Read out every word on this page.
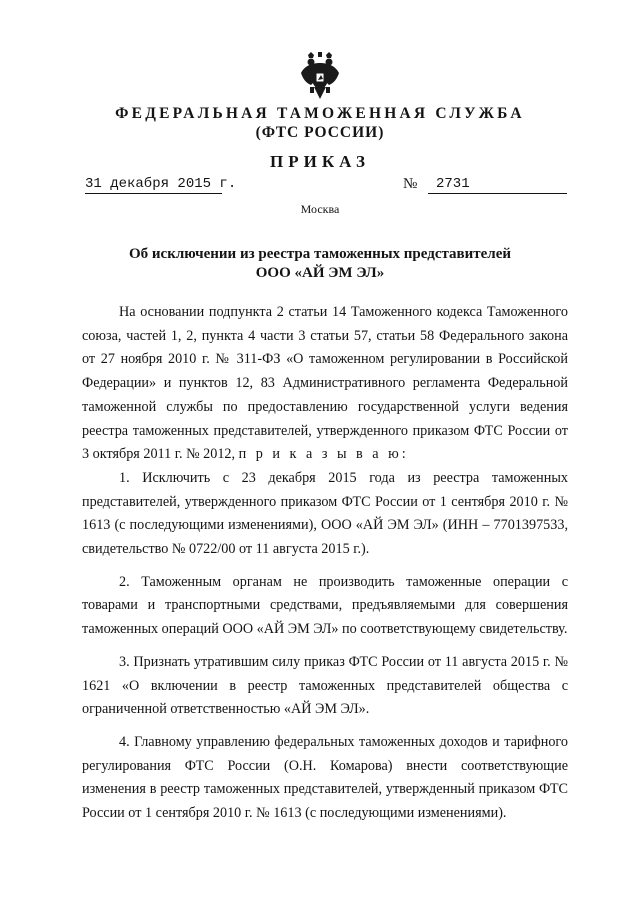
ФЕДЕРАЛЬНАЯ ТАМОЖЕННАЯ СЛУЖБА
(ФТС РОССИИ)
ПРИКАЗ
31 декабря 2015 г.	№	2731
Москва
Об исключении из реестра таможенных представителей
ООО «АЙ ЭМ ЭЛ»

На основании подпункта 2 статьи 14 Таможенного кодекса Таможенного союза, частей 1, 2, пункта 4 части 3 статьи 57, статьи 58 Федерального закона от 27 ноября 2010 г. № 311-ФЗ «О таможенном регулировании в Российской Федерации» и пунктов 12, 83 Административного регламента Федеральной таможенной службы по предоставлению государственной услуги ведения реестра таможенных представителей, утвержденного приказом ФТС России от 3 октября 2011 г. № 2012, п р и к а з ы в а ю:

1. Исключить с 23 декабря 2015 года из реестра таможенных представителей, утвержденного приказом ФТС России от 1 сентября 2010 г. № 1613 (с последующими изменениями), ООО «АЙ ЭМ ЭЛ» (ИНН – 7701397533, свидетельство № 0722/00 от 11 августа 2015 г.).

2. Таможенным органам не производить таможенные операции с товарами и транспортными средствами, предъявляемыми для совершения таможенных операций ООО «АЙ ЭМ ЭЛ» по соответствующему свидетельству.

3. Признать утратившим силу приказ ФТС России от 11 августа 2015 г. № 1621 «О включении в реестр таможенных представителей общества с ограниченной ответственностью «АЙ ЭМ ЭЛ».

4. Главному управлению федеральных таможенных доходов и тарифного регулирования ФТС России (О.Н. Комарова) внести соответствующие изменения в реестр таможенных представителей, утвержденный приказом ФТС России от 1 сентября 2010 г. № 1613 (с последующими изменениями).
